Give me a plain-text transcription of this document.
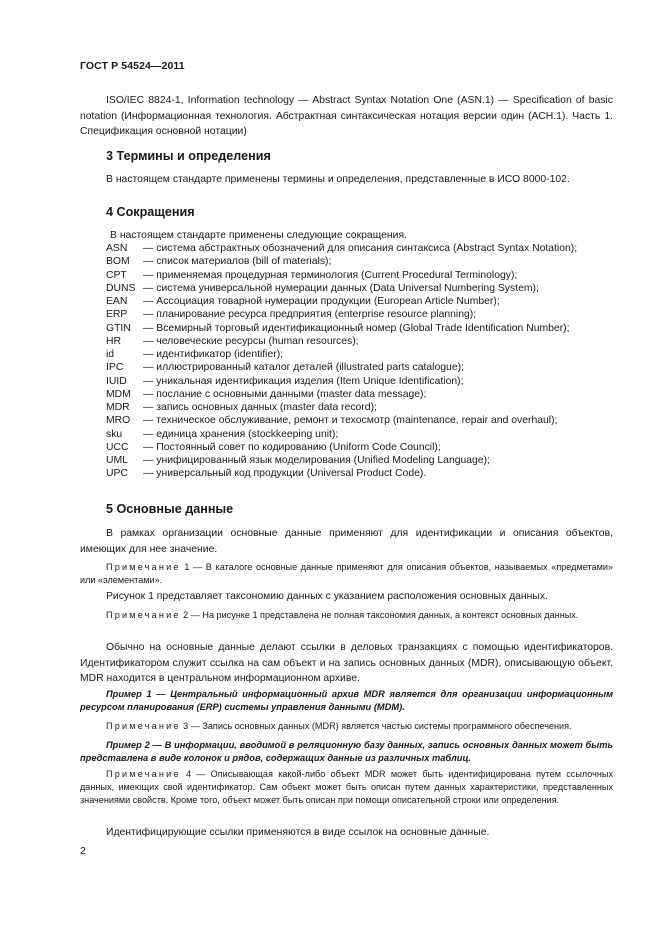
ГОСТ Р 54524—2011
ISO/IEC 8824-1, Information technology — Abstract Syntax Notation One (ASN.1) — Specification of basic notation (Информационная технология. Абстрактная синтаксическая нотация версии один (АСН.1). Часть 1. Спецификация основной нотации)
3 Термины и определения
В настоящем стандарте применены термины и определения, представленные в ИСО 8000-102.
4 Сокращения
В настоящем стандарте применены следующие сокращения.
ASN	— система абстрактных обозначений для описания синтаксиса (Abstract Syntax Notation);
BOM	— список материалов (bill of materials);
CPT	— применяемая процедурная терминология (Current Procedural Terminology);
DUNS — система универсальной нумерации данных (Data Universal Numbering System);
EAN	— Ассоциация товарной нумерации продукции (European Article Number);
ERP	— планирование ресурса предприятия (enterprise resource planning);
GTIN	— Всемирный торговый идентификационный номер (Global Trade Identification Number);
HR	— человеческие ресурсы (human resources);
id	— идентификатор (identifier);
IPC	— иллюстрированный каталог деталей (illustrated parts catalogue);
IUID	— уникальная идентификация изделия (Item Unique Identification);
MDM	— послание с основными данными (master data message);
MDR	— запись основных данных (master data record);
MRO	— техническое обслуживание, ремонт и техосмотр (maintenance, repair and overhaul);
sku	— единица хранения (stockkeeping unit);
UCC	— Постоянный совет по кодированию (Uniform Code Council);
UML	— унифицированный язык моделирования (Unified Modeling Language);
UPC	— универсальный код продукции (Universal Product Code).
5 Основные данные
В рамках организации основные данные применяют для идентификации и описания объектов, имеющих для нее значение.
Примечание 1 — В каталоге основные данные применяют для описания объектов, называемых «предметами» или «элементами».
Рисунок 1 представляет таксономию данных с указанием расположения основных данных.
Примечание 2 — На рисунке 1 представлена не полная таксономия данных, а контекст основных данных.
Обычно на основные данные делают ссылки в деловых транзакциях с помощью идентификаторов. Идентификатором служит ссылка на сам объект и на запись основных данных (MDR), описывающую объект. MDR находится в центральном информационном архиве.
Пример 1 — Центральный информационный архив MDR является для организации информационным ресурсом планирования (ERP) системы управления данными (MDM).
Примечание 3 — Запись основных данных (MDR) является частью системы программного обеспечения.
Пример 2 — В информации, вводимой в реляционную базу данных, запись основных данных может быть представлена в виде колонок и рядов, содержащих данные из различных таблиц.
Примечание 4 — Описывающая какой-либо объект MDR может быть идентифицирована путем ссылочных данных, имеющих свой идентификатор. Сам объект может быть описан путем данных характеристики, представленных значениями свойств. Кроме того, объект может быть описан при помощи описательной строки или определения.
Идентифицирующие ссылки применяются в виде ссылок на основные данные.
2
